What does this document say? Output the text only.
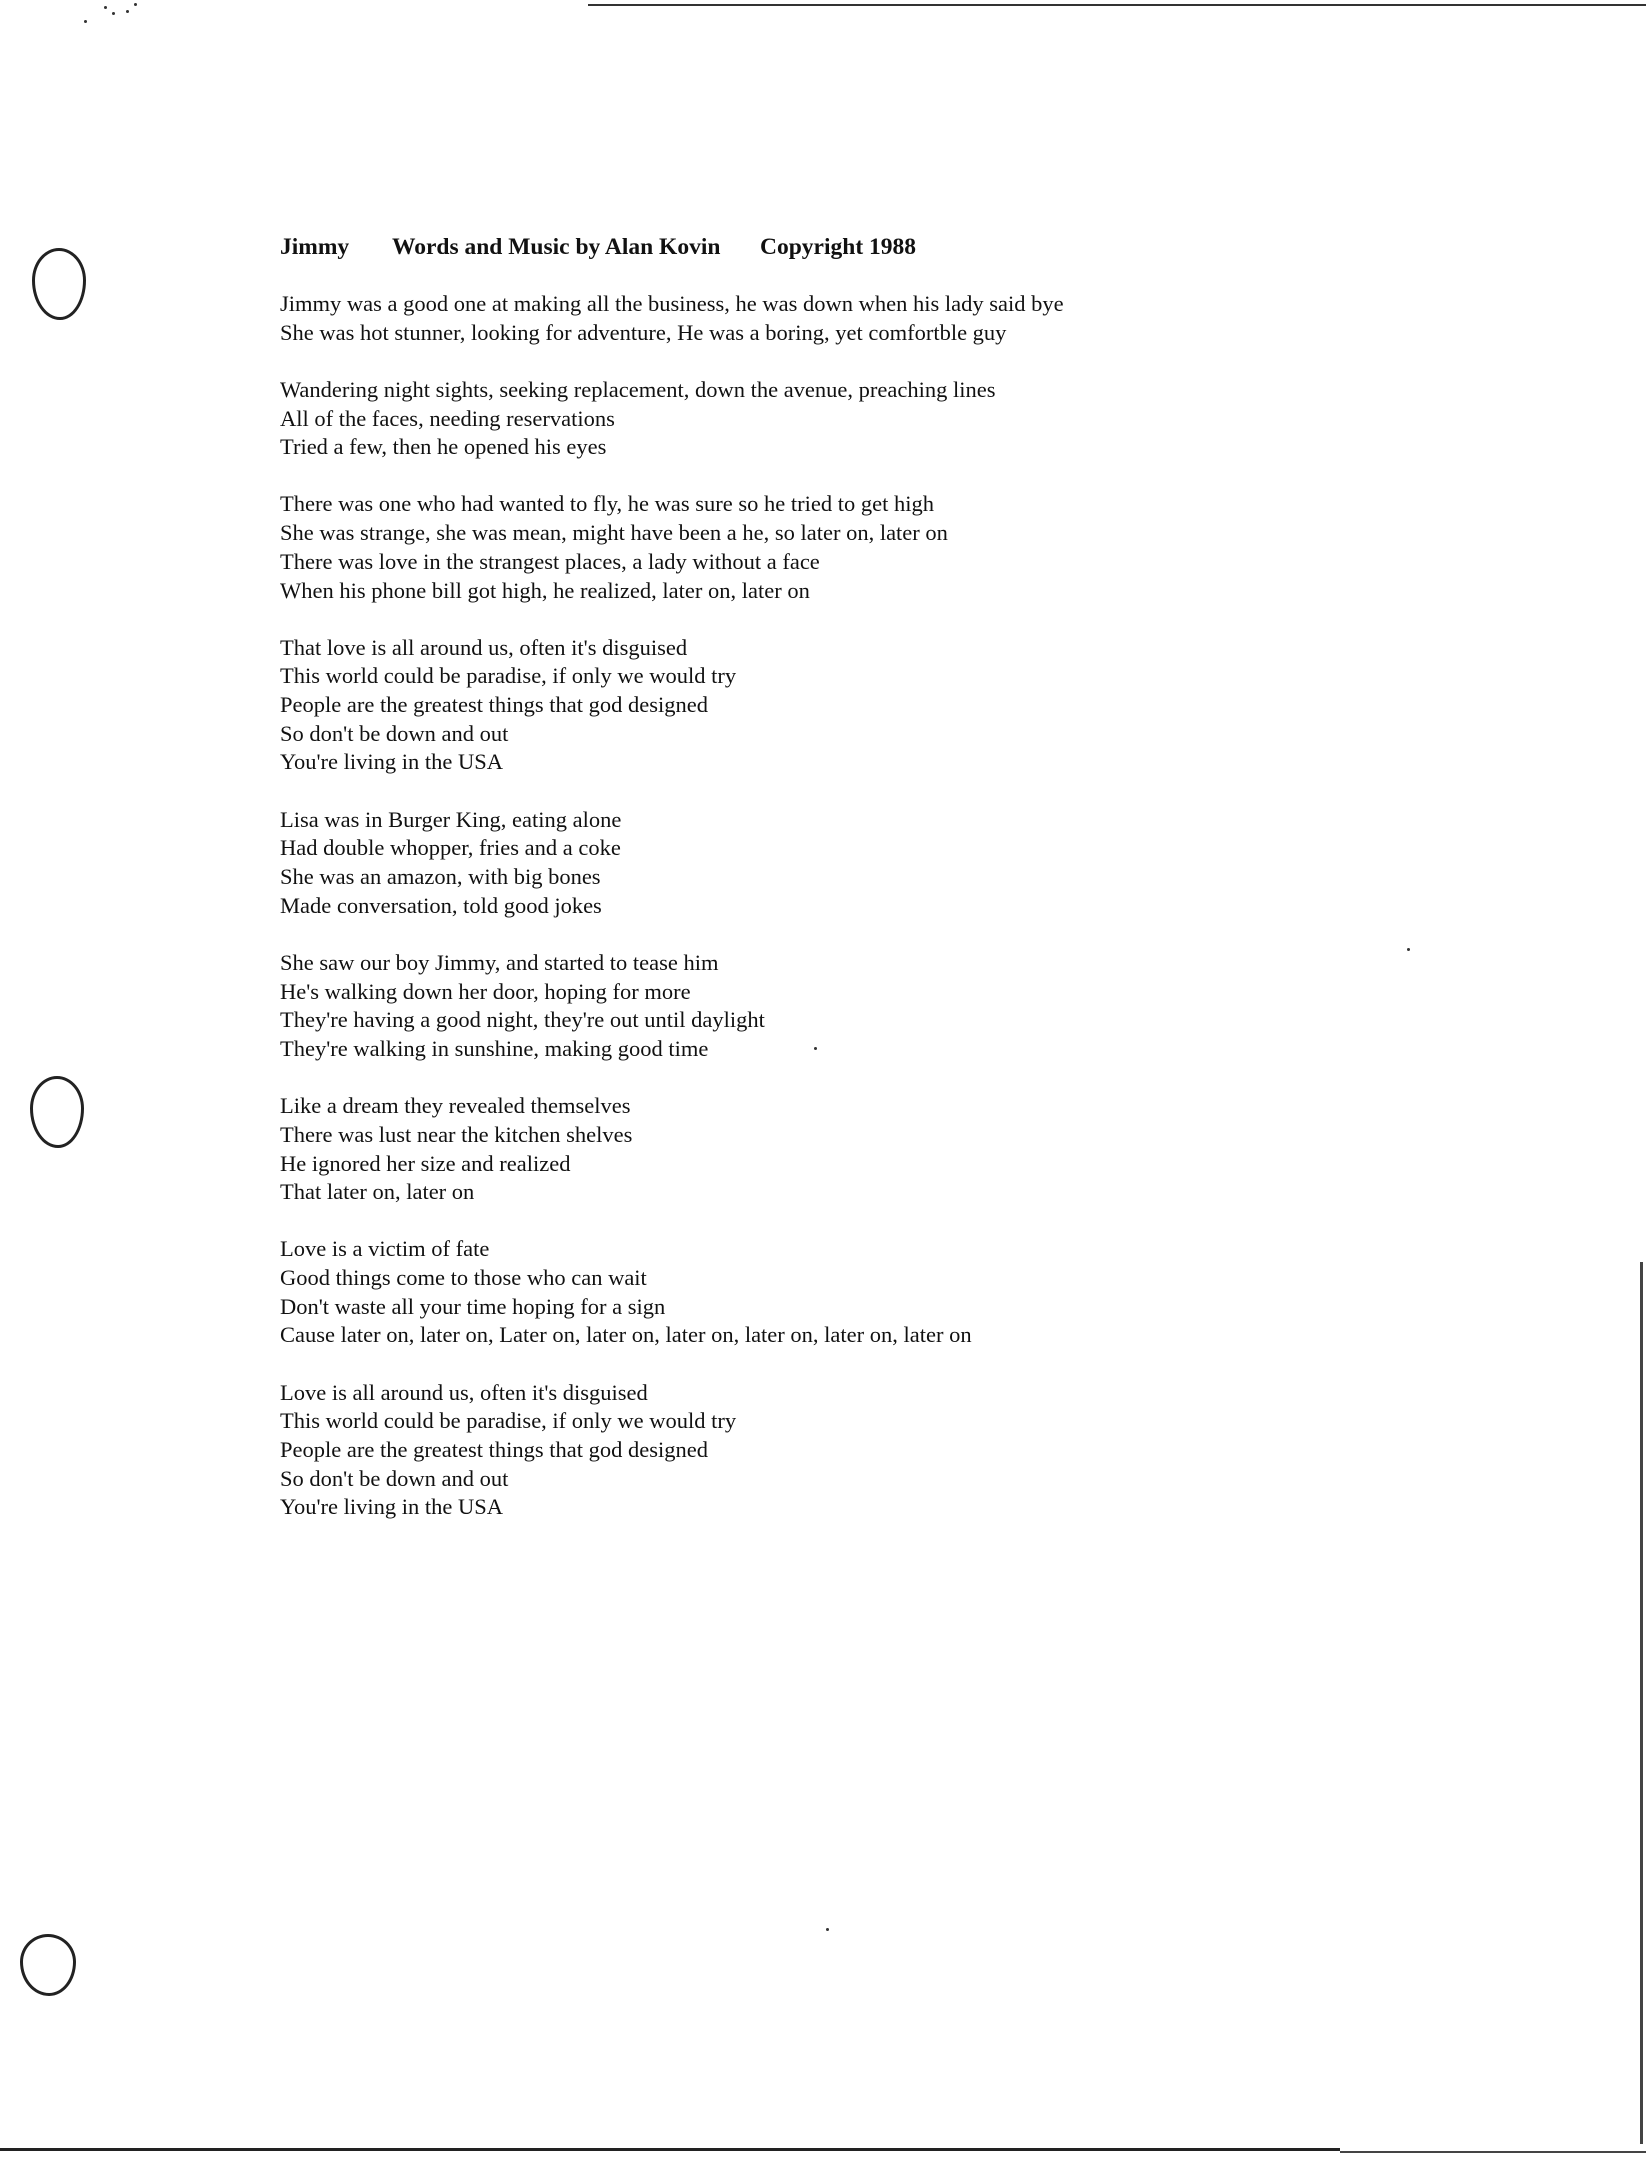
Jimmy Words and Music by Alan Kovin Copyright 1988
Jimmy was a good one at making all the business, he was down when his lady said bye
She was hot stunner, looking for adventure, He was a boring, yet comfortble guy
Wandering night sights, seeking replacement, down the avenue, preaching lines
All of the faces, needing reservations
Tried a few, then he opened his eyes
There was one who had wanted to fly, he was sure so he tried to get high
She was strange, she was mean, might have been a he, so later on, later on
There was love in the strangest places, a lady without a face
When his phone bill got high, he realized, later on, later on
That love is all around us, often it's disguised
This world could be paradise, if only we would try
People are the greatest things that god designed
So don't be down and out
You're living in the USA
Lisa was in Burger King, eating alone
Had double whopper, fries and a coke
She was an amazon, with big bones
Made conversation, told good jokes
She saw our boy Jimmy, and started to tease him
He's walking down her door, hoping for more
They're having a good night, they're out until daylight
They're walking in sunshine, making good time
Like a dream they revealed themselves
There was lust near the kitchen shelves
He ignored her size and realized
That later on, later on
Love is a victim of fate
Good things come to those who can wait
Don't waste all your time hoping for a sign
Cause later on, later on, Later on, later on, later on, later on, later on, later on
Love is all around us, often it's disguised
This world could be paradise, if only we would try
People are the greatest things that god designed
So don't be down and out
You're living in the USA
